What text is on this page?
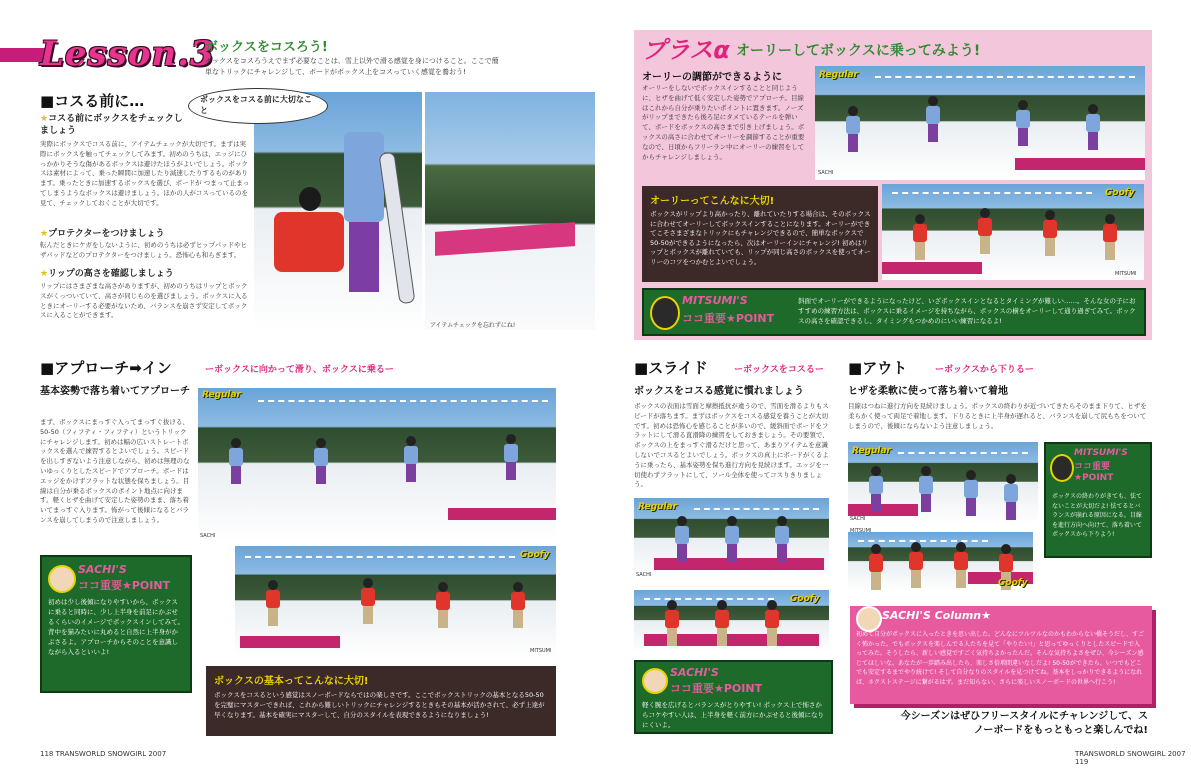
Lesson.3
ボックスをコスろう!
ボックスをコスろうえでまず必要なことは、雪上以外で滑る感覚を身につけること。ここで簡単なトリックにチャレンジして、ボードがボックス上をコスっていく感覚を養おう!
■コスる前に…
★コスる前にボックスをチェックしましょう
実際にボックスでコスる前に、アイテムチェックが大切です。まずは実際にボックスを触ってチェックしてみます。初めのうちは、エッジにひっかかりそうな傷があるボックスは避けたほうがよいでしょう。ボックスは素材によって、乗った瞬間に加速したり減速したりするものがあります。乗ったときに加速するボックスを選び、ボードが つまって止まってしまうようなボックスは避けましょう。ほかの人がコスっているのを見て、チェックしておくことが大切です。
★プロテクターをつけましょう
転んだときにケガをしないように、初めのうちは必ずヒップパッドやヒザパッドなどのプロテクターをつけましょう。恐怖心も和らぎます。
★リップの高さを確認しましょう
リップにはさまざまな高さがありますが、初めのうちはリップとボックスがくっついていて、高さが同じものを選びましょう。ボックスに入るときにオーリーする必要がないため、バランスを崩さず安定してボックスに入ることができます。
ボックスをコスる前に大切なこと
アイテムチェックを忘れずにね!
■アプローチ➡イン	ーボックスに向かって滑り、ボックスに乗るー
基本姿勢で落ち着いてアプローチ
まず、ボックスにまっすぐ入ってまっすぐ抜ける、50-50（フィフティ・フィフティ）というトリックにチャレンジします。初めは幅の広いストレートボックスを選んで練習するとよいでしょう。スピードを出しすぎないよう注意しながら、初めは無理のないゆっくりとしたスピードでアプローチ。ボードはエッジをかけずフラットな状態を保ちましょう。目線は自分が乗るボックスのポイント地点に向けます。軽くヒザを曲げて安定した姿勢のまま、落ち着いてまっすぐ入ります。怖がって後傾になるとバランスを崩してしまうので注意しましょう。
Regular
SACHI
Goofy
MITSUMI
SACHI'S
ココ重要★POINT
初めは少し後傾になりやすいから、ボックスに乗ると同時に、少し上半身を前足にかぶせるくらいのイメージでボックスインしてみて。背中を猫みたいに丸めると自然に上半身がかぶさるよ。アプローチからそのことを意識しながら入るといいよ!
ボックスの基本ってこんなに大切!
ボックスをコスるという感覚はスノーボードならではの楽しさです。ここでボックストリックの基本となる50-50を完璧にマスターできれば、これから難しいトリックにチャレンジするときもその基本が活かされて、必ず上達が早くなります。基本を確実にマスターして、自分のスタイルを表現できるようになりましょう!
118 TRANSWORLD SNOWGIRL 2007
プラスα オーリーしてボックスに乗ってみよう!
オーリーの調節ができるように
オーリーをしないでボックスインすることと同じように、ヒザを曲げて低く安定した姿勢でアプローチ。目線はこれから自分が乗りたいポイントに置きます。ノーズがリップまできたら後ろ足にタメているテールを弾いて、ボードをボックスの高さまで引き上げましょう。ボックスの高さに合わせてオーリーを調節することが重要なので、日頃からフリーラン中にオーリーの練習をしてからチャレンジしましょう。
Regular
SACHI
オーリーってこんなに大切!
ボックスがリップより高かったり、離れていたりする場合は、そのボックスに合わせてオーリーしてボックスインすることになります。オーリーができてこそさまざまなトリックにもチャレンジできるので、簡単なボックスで50-50ができるようになったら、次はオーリーインにチャレンジ! 初めはリップとボックスが離れていても、リップが同じ高さのボックスを使ってオーリーのコツをつかむとよいでしょう。
Goofy
MITSUMI
MITSUMI'S
ココ重要★POINT
斜面でオーリーができるようになったけど、いざボックスインとなるとタイミングが難しい……。そんな女の子におすすめの練習方法は、ボックスに乗るイメージを持ちながら、ボックスの横をオーリーして通り過ぎてみて。ボックスの高さを確認できるし、タイミングもつかめのにいい練習になるよ!
■スライド	ーボックスをコスるー
ボックスをコスる感覚に慣れましょう
ボックスの表面は雪面と摩擦抵抗が違うので、雪面を滑るよりもスピードが落ちます。まずはボックスをコスる感覚を養うことが大切です。初めは恐怖心を感じることが多いので、緩斜面でボードをフラットにして滑る直滑降の練習をしておきましょう。その要領で、ボックスの上をまっすぐ滑るだけと思って、あまりアイテムを意識しないでコスるとよいでしょう。ボックスの真上にボードがくるように乗ったら、基本姿勢を保ち進行方向を見続けます。エッジを一切使わずフラットにして、ソール全体を使ってコスりきりましょう。
Regular
SACHI
Goofy
SACHI'S
ココ重要★POINT
軽く腕を広げるとバランスがとりやすい! ボックス上で怖さからコケやすい人は、上半身を軽く前方にかぶせると後傾になりにくいよ。
■アウト	ーボックスから下りるー
ヒザを柔軟に使って落ち着いて着地
目線はつねに進行方向を見続けましょう。ボックスの終わりが近づいてきたらそのまま下りて、ヒザを柔らかく使って両足で着地します。下りるときに上半身が遅れると、バランスを崩して尻もちをついてしまうので、後傾にならないよう注意しましょう。
Regular
SACHI
Goofy
MITSUMI
MITSUMI'S
ココ重要★POINT
ボックスの終わりがきても、怯てないことが大切だよ! 怯てるとバランスが崩れる原因になる。目線を進行方向へ向けて、落ち着いてボックスから下りよう!
SACHI'S Column★
初めて自分がボックスに入ったときを思い出した。どんなにツルツルなのかもわからない橋そうだし、すごく怖かった。でもボックスを楽しんでる人たちを見て「やりたい!」と思ってゆっくりとしたスピードで入ってみた。そうしたら、新しい感覚ですごく気持ちよかったんだ。そんな気持ちよさをぜひ、今シーズン感じてほしいな。あなたが一歩踏み出したら、楽しさ倍増間違いなしだよ! 50-50ができたら、いつでもどこでも安定するまでやり続けて! そして自分なりのスタイルを見つけてね。基本をしっかりできるようになれば、ネクストステージに繋がるはず。まだ知らない、さらに楽しいスノーボードの世界へ行こう!
今シーズンはぜひフリースタイルにチャレンジして、スノーボードをもっともっと楽しんでね!
TRANSWORLD SNOWGIRL 2007 119
